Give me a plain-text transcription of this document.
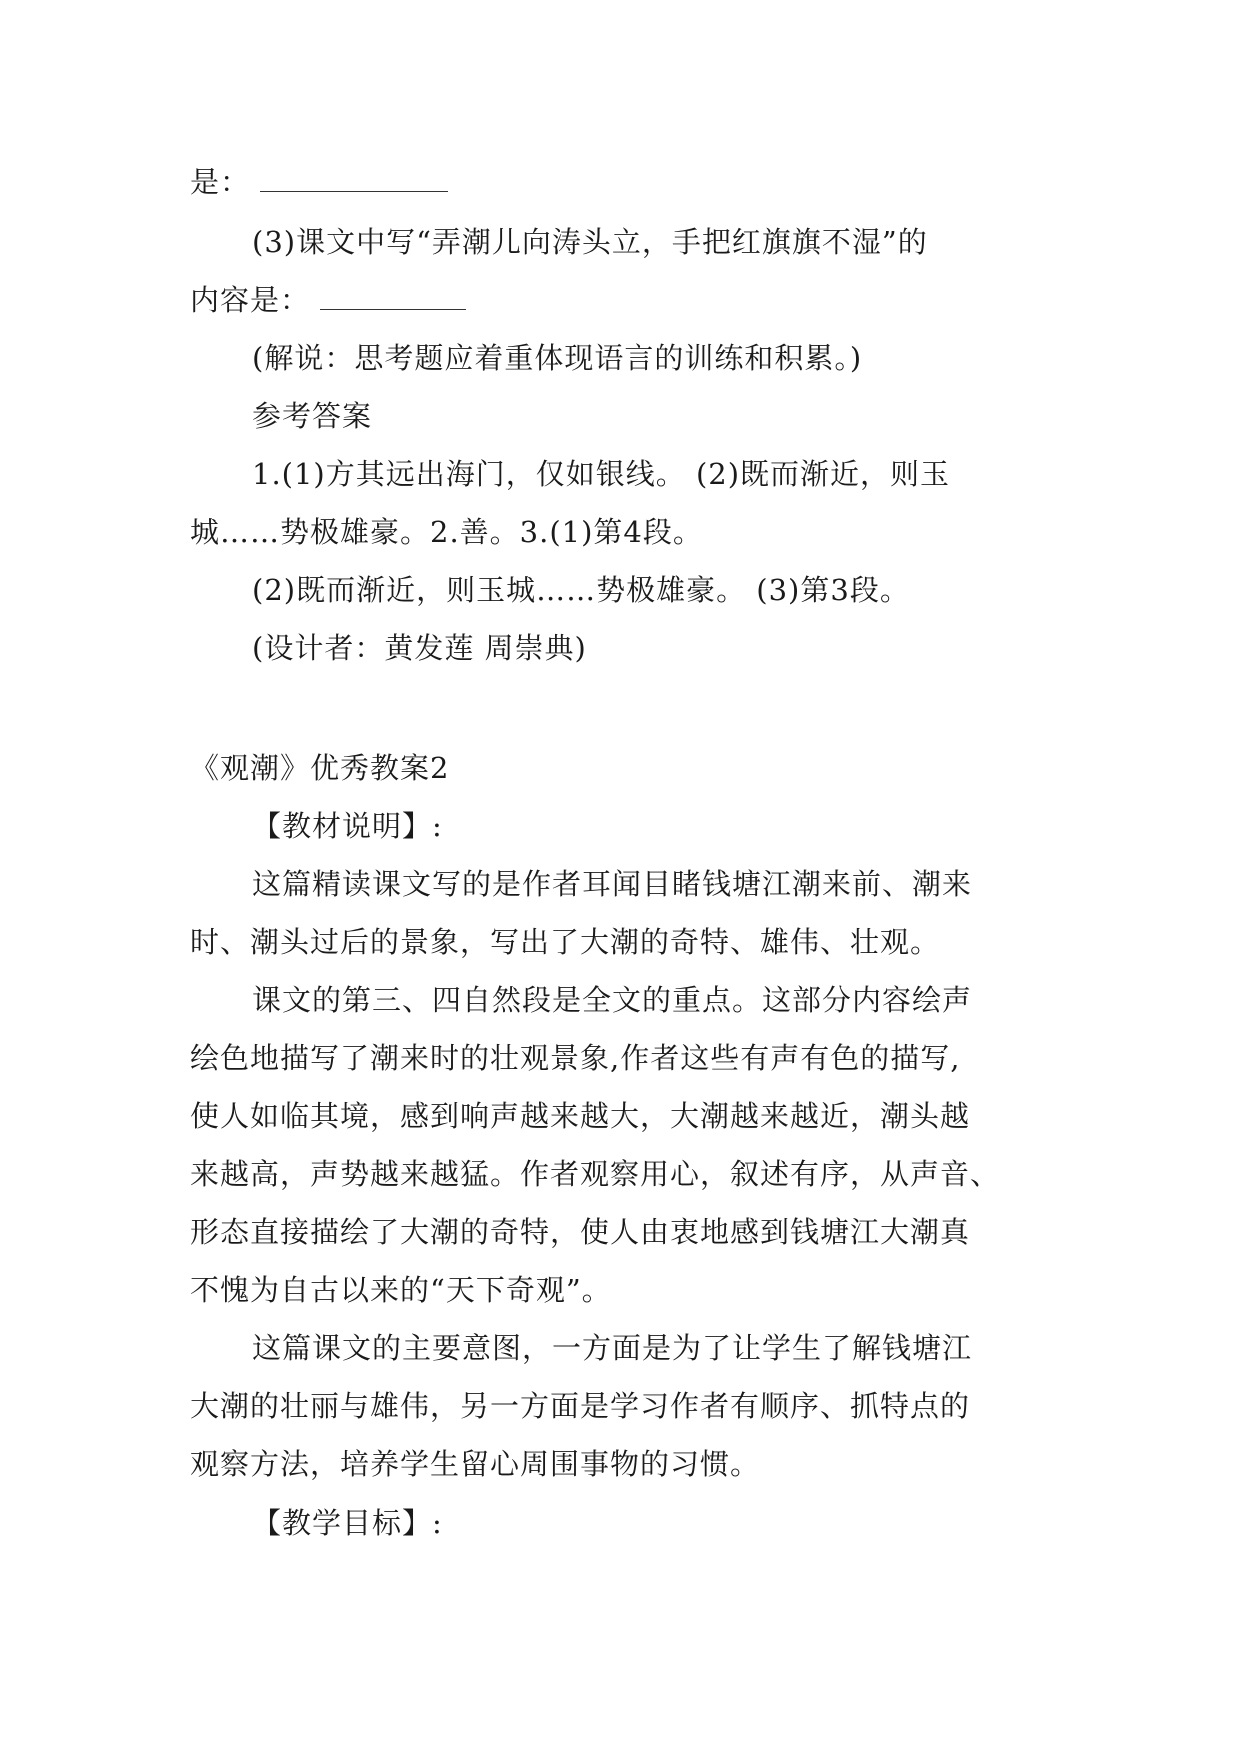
是：
(3)课文中写“弄潮儿向涛头立，手把红旗旗不湿”的
内容是：
(解说：思考题应着重体现语言的训练和积累。)
参考答案
1.(1)方其远出海门，仅如银线。 (2)既而渐近，则玉
城……势极雄豪。2.善。3.(1)第4段。
(2)既而渐近，则玉城……势极雄豪。 (3)第3段。
(设计者：黄发莲 周崇典)
《观潮》优秀教案2
【教材说明】:
这篇精读课文写的是作者耳闻目睹钱塘江潮来前、潮来
时、潮头过后的景象，写出了大潮的奇特、雄伟、壮观。
课文的第三、四自然段是全文的重点。这部分内容绘声
绘色地描写了潮来时的壮观景象,作者这些有声有色的描写,
使人如临其境，感到响声越来越大，大潮越来越近，潮头越
来越高，声势越来越猛。作者观察用心，叙述有序，从声音、
形态直接描绘了大潮的奇特，使人由衷地感到钱塘江大潮真
不愧为自古以来的“天下奇观”。
这篇课文的主要意图，一方面是为了让学生了解钱塘江
大潮的壮丽与雄伟，另一方面是学习作者有顺序、抓特点的
观察方法，培养学生留心周围事物的习惯。
【教学目标】:
